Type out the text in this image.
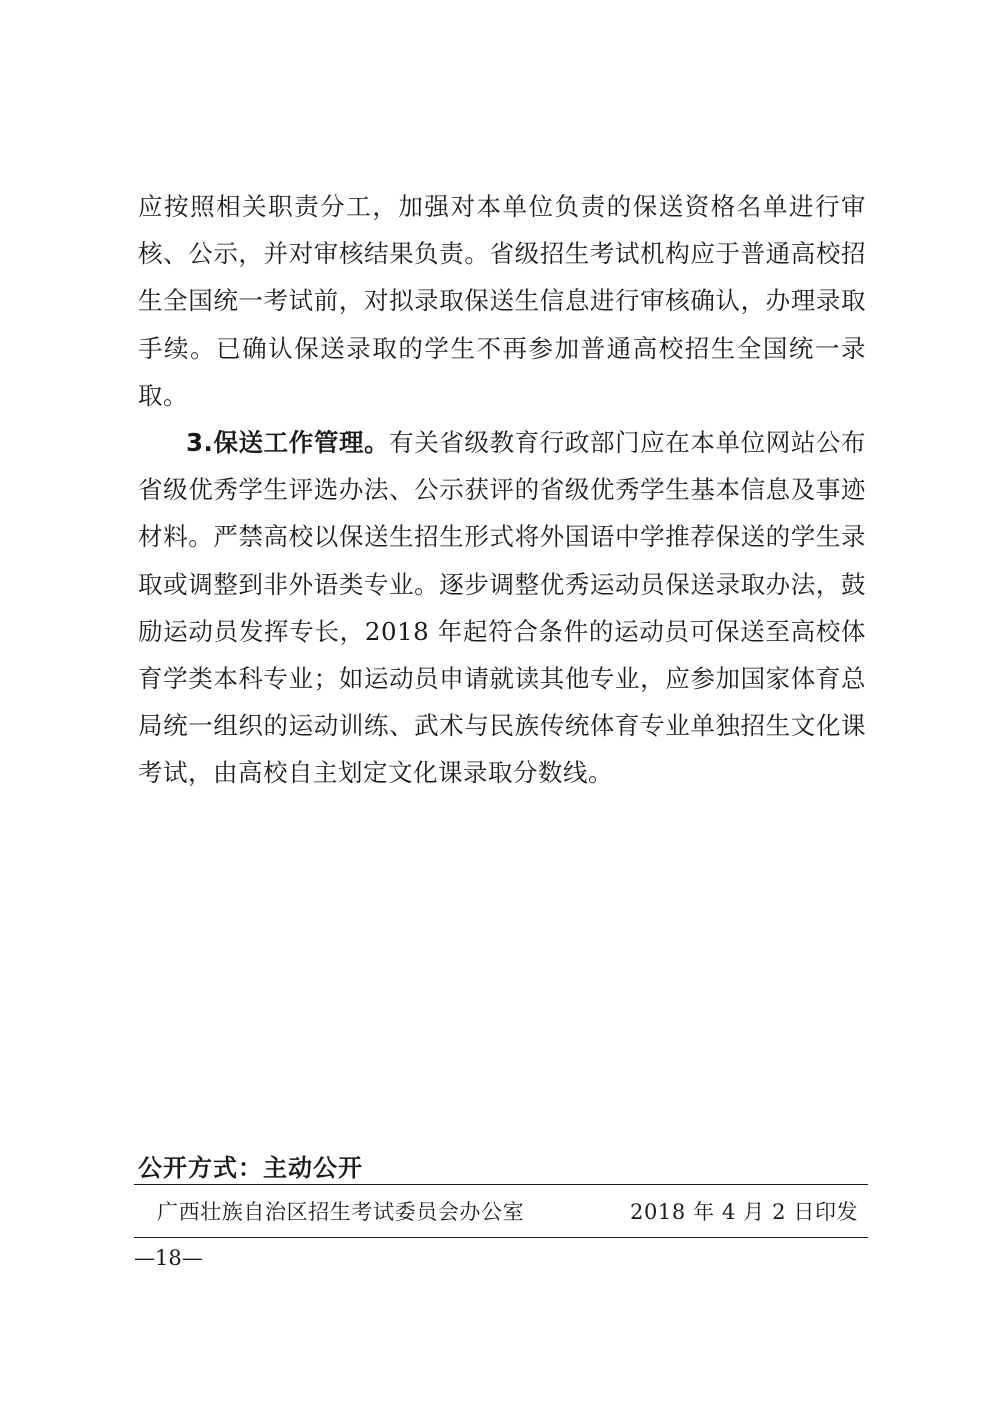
应按照相关职责分工，加强对本单位负责的保送资格名单进行审核、公示，并对审核结果负责。省级招生考试机构应于普通高校招生全国统一考试前，对拟录取保送生信息进行审核确认，办理录取手续。已确认保送录取的学生不再参加普通高校招生全国统一录取。

3.保送工作管理。有关省级教育行政部门应在本单位网站公布省级优秀学生评选办法、公示获评的省级优秀学生基本信息及事迹材料。严禁高校以保送生招生形式将外国语中学推荐保送的学生录取或调整到非外语类专业。逐步调整优秀运动员保送录取办法，鼓励运动员发挥专长，2018 年起符合条件的运动员可保送至高校体育学类本科专业；如运动员申请就读其他专业，应参加国家体育总局统一组织的运动训练、武术与民族传统体育专业单独招生文化课考试，由高校自主划定文化课录取分数线。

公开方式：主动公开
广西壮族自治区招生考试委员会办公室	2018 年 4 月 2 日印发
—18—
